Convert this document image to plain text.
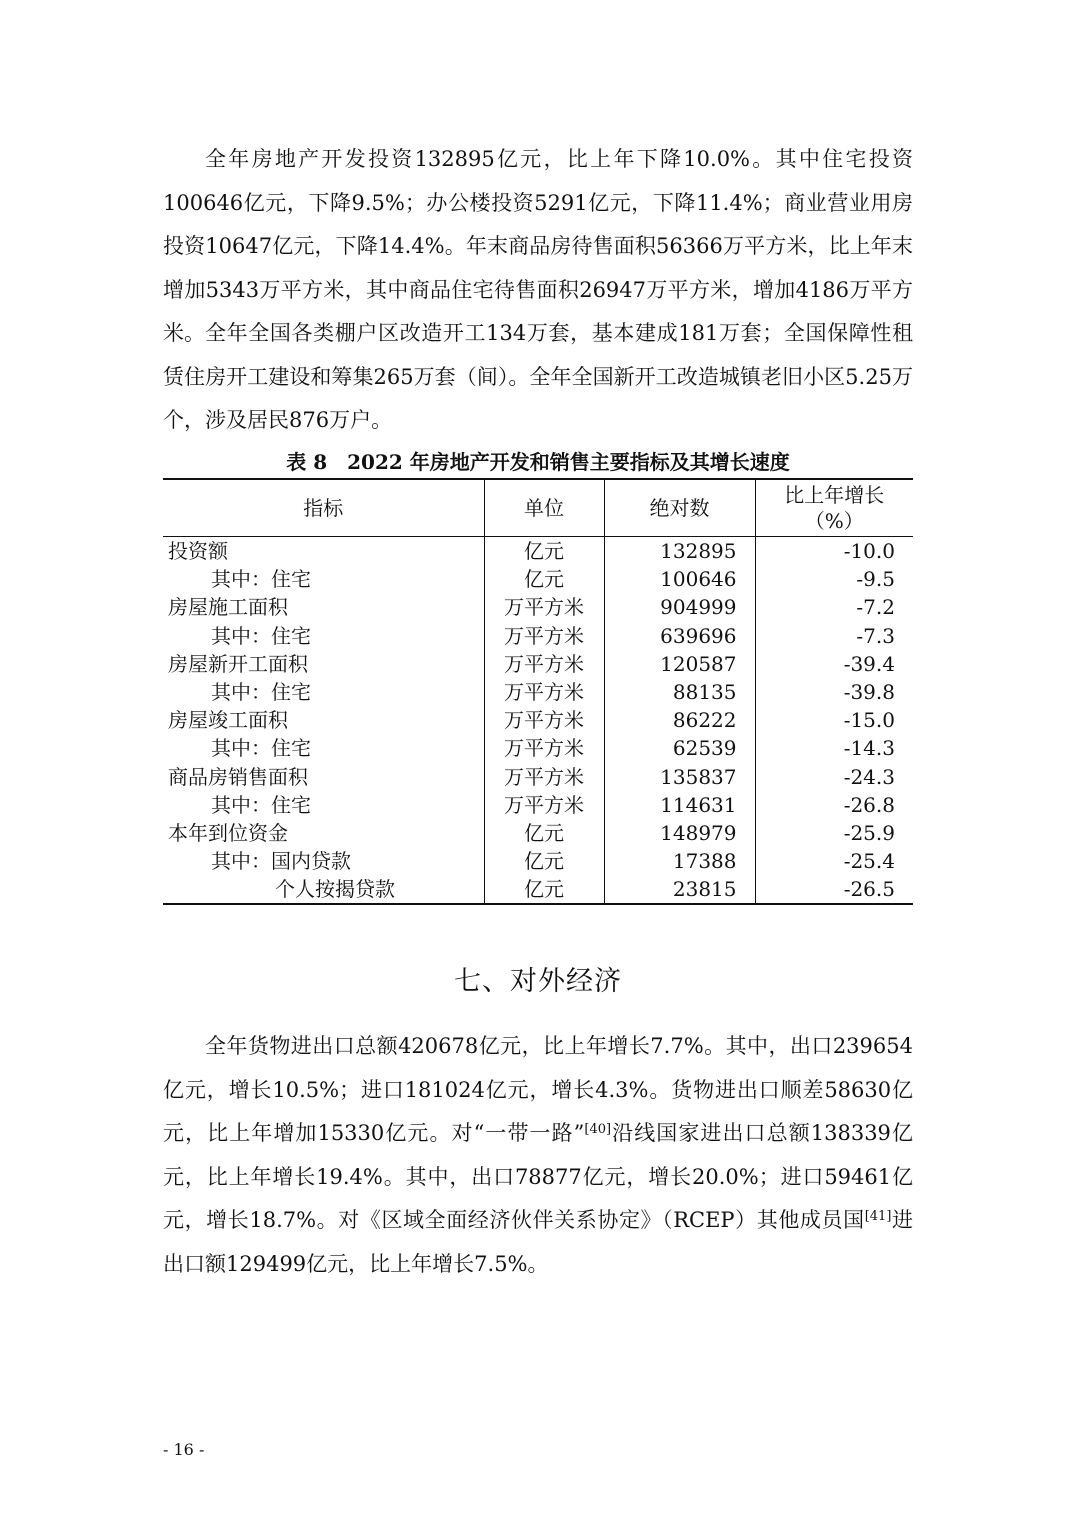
全年房地产开发投资132895亿元，比上年下降10.0%。其中住宅投资100646亿元，下降9.5%；办公楼投资5291亿元，下降11.4%；商业营业用房投资10647亿元，下降14.4%。年末商品房待售面积56366万平方米，比上年末增加5343万平方米，其中商品住宅待售面积26947万平方米，增加4186万平方米。 全年全国各类棚户区改造开工134万套，基本建成181万套；全国保障性租赁住房开工建设和筹集265万套（间）。全年全国新开工改造城镇老旧小区5.25万个，涉及居民876万户。

表 8　2022 年房地产开发和销售主要指标及其增长速度
指标	单位	绝对数	比上年增长
（%）
投资额	亿元	132895	-10.0
其中：住宅	亿元	100646	-9.5
房屋施工面积	万平方米	904999	-7.2
其中：住宅	万平方米	639696	-7.3
房屋新开工面积	万平方米	120587	-39.4
其中：住宅	万平方米	88135	-39.8
房屋竣工面积	万平方米	86222	-15.0
其中：住宅	万平方米	62539	-14.3
商品房销售面积	万平方米	135837	-24.3
其中：住宅	万平方米	114631	-26.8
本年到位资金	亿元	148979	-25.9
其中：国内贷款	亿元	17388	-25.4
个人按揭贷款	亿元	23815	-26.5
七、对外经济

全年货物进出口总额420678亿元，比上年增长7.7%。其中，出口239654亿元，增长10.5%；进口181024亿元，增长4.3%。货物进出口顺差58630亿元，比上年增加15330亿元。对“一带一路”[40]沿线国家进出口总额138339亿元，比上年增长19.4%。其中，出口78877亿元，增长20.0%；进口59461亿元，增长18.7%。对《区域全面经济伙伴关系协定》（RCEP）其他成员国[41]进出口额129499亿元，比上年增长7.5%。

- 16 -
